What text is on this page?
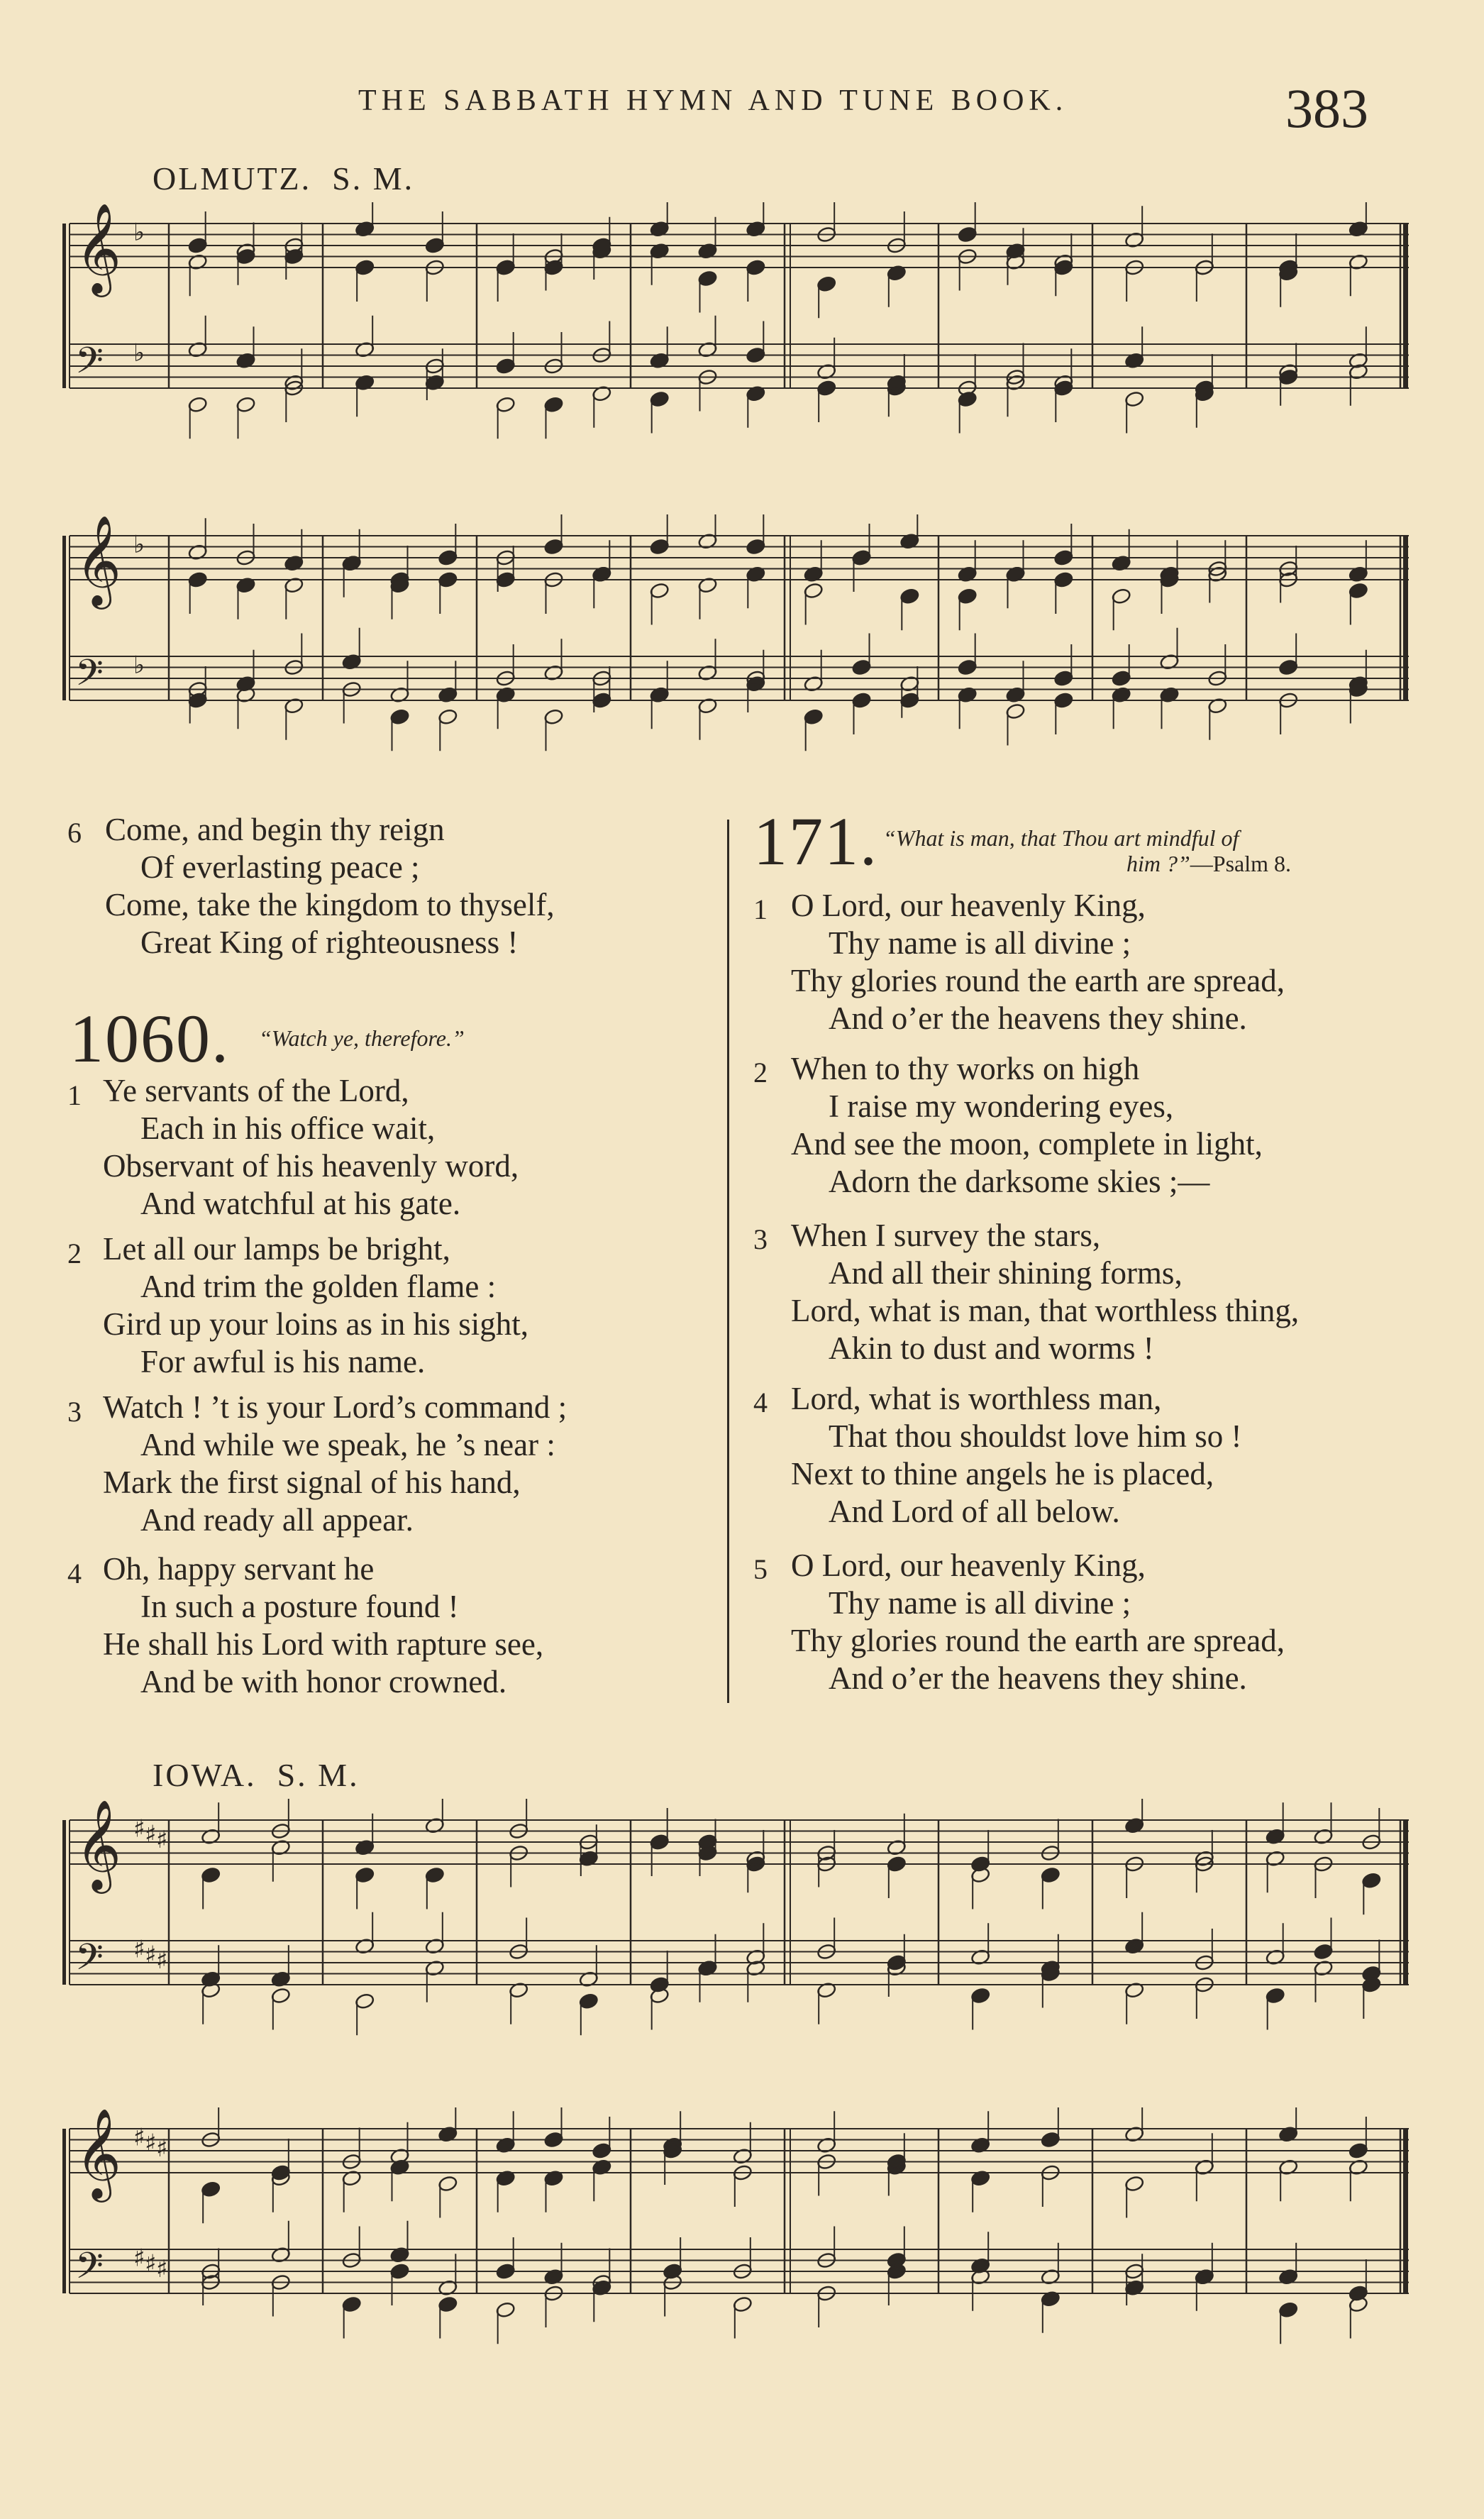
THE SABBATH HYMN AND TUNE BOOK.	383
OLMUTZ. S. M.
𝄞
𝄢
♭
♭
𝄞
𝄢
♭
♭
6 Come, and begin thy reign
Of everlasting peace ;
Come, take the kingdom to thyself,
Great King of righteousness !
1060. “Watch ye, therefore.”
1 Ye servants of the Lord,
Each in his office wait,
Observant of his heavenly word,
And watchful at his gate.
2 Let all our lamps be bright,
And trim the golden flame :
Gird up your loins as in his sight,
For awful is his name.
3 Watch ! ’t is your Lord’s command ;
And while we speak, he ’s near :
Mark the first signal of his hand,
And ready all appear.
4 Oh, happy servant he
In such a posture found !
He shall his Lord with rapture see,
And be with honor crowned.
171. “What is man, that Thou art mindful of
him ?”—Psalm 8.
1 O Lord, our heavenly King,
Thy name is all divine ;
Thy glories round the earth are spread,
And o’er the heavens they shine.
2 When to thy works on high
I raise my wondering eyes,
And see the moon, complete in light,
Adorn the darksome skies ;—
3 When I survey the stars,
And all their shining forms,
Lord, what is man, that worthless thing,
Akin to dust and worms !
4 Lord, what is worthless man,
That thou shouldst love him so !
Next to thine angels he is placed,
And Lord of all below.
5 O Lord, our heavenly King,
Thy name is all divine ;
Thy glories round the earth are spread,
And o’er the heavens they shine.
IOWA. S. M.
𝄞
𝄢
♯
♯
♯
♯
♯
♯
𝄞
𝄢
♯
♯
♯
♯
♯
♯
